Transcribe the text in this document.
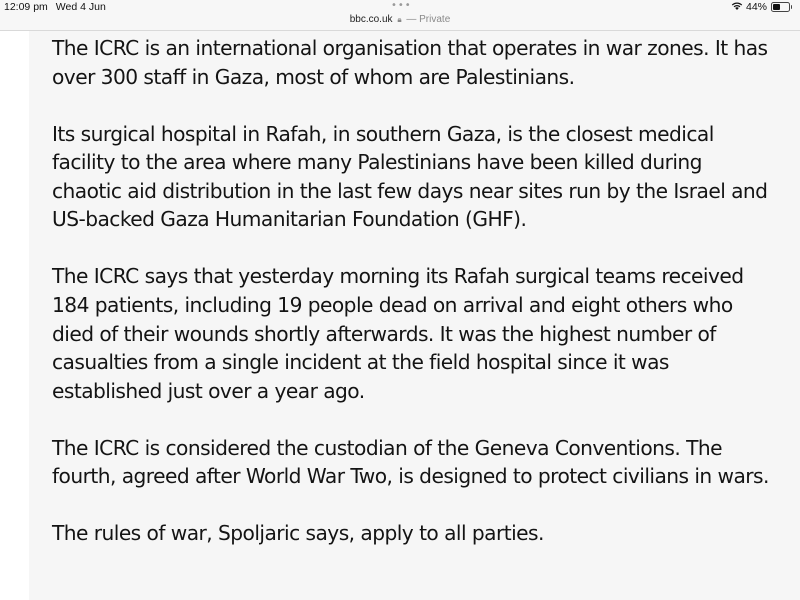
12:09 pm Wed 4 Jun	•••
bbc.co.uk 🔒︎ — Private
44%

The ICRC is an international organisation that operates in war zones. It has over 300 staff in Gaza, most of whom are Palestinians.

Its surgical hospital in Rafah, in southern Gaza, is the closest medical facility to the area where many Palestinians have been killed during chaotic aid distribution in the last few days near sites run by the Israel and US-backed Gaza Humanitarian Foundation (GHF).

The ICRC says that yesterday morning its Rafah surgical teams received 184 patients, including 19 people dead on arrival and eight others who died of their wounds shortly afterwards. It was the highest number of casualties from a single incident at the field hospital since it was established just over a year ago.

The ICRC is considered the custodian of the Geneva Conventions. The fourth, agreed after World War Two, is designed to protect civilians in wars.

The rules of war, Spoljaric says, apply to all parties.
